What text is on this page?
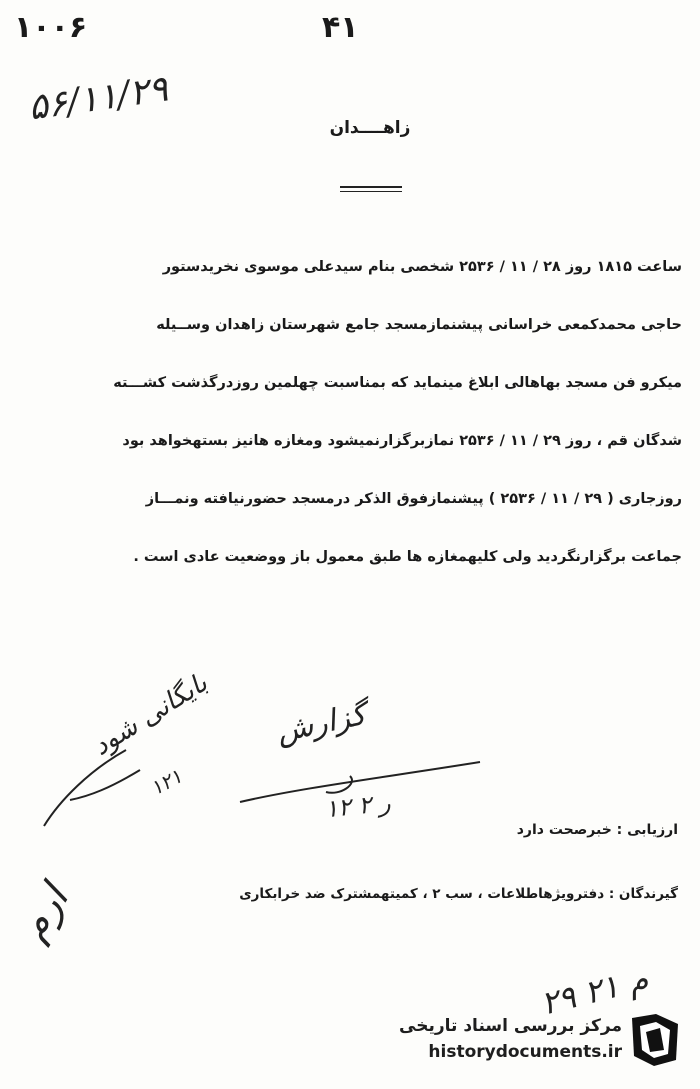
۱۰۰۶	۴۱
۵۶/۱۱/۲۹	زاهــــدان
ساعت ۱۸۱۵ روز ۲۸ / ۱۱ / ۲۵۳۶ شخصی بنام سیدعلی موسوی نخریدستور
حاجی محمدکمعی خراسانی پیشنمازمسجد جامع شهرستان زاهدان وســیله
میکرو فن مسجد بهاهالی ابلاغ مینماید که بمناسبت چهلمین روزدرگذشت کشـــته
شدگان قم ، روز ۲۹ / ۱۱ / ۲۵۳۶ نمازبرگزارنمیشود ومغازه هانیز بستهخواهد بود
روزجاری ( ۲۹ / ۱۱ / ۲۵۳۶ ) پیشنمازفوق الذکر درمسجد حضورنیافته ونمـــاز
جماعت برگزارنگردید ولی کلیهمغازه ها طبق معمول باز ووضعیت عادی است .
گزارش
۱۲ ر ۲
بایگانی شود
۱۲۱
ارم
ارزیابی : خبرصحت دارد
گیرندگان : دفترویژهاطلاعات ، سب ۲ ، کمیتهمشترک ضد خرابکاری
۲۹ م ۲۱
مرکز بررسی اسناد تاریخی
historydocuments.ir
